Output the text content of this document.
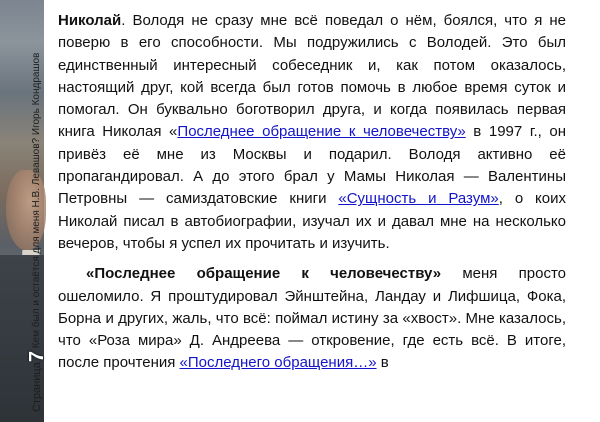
Страница7 Кем был и остаётся для меня Н.В. Левашов? Игорь Кондрашов

Николай. Володя не сразу мне всё поведал о нём, боялся, что я не поверю в его способности. Мы подружились с Володей. Это был единственный интересный собеседник и, как потом оказалось, настоящий друг, кой всегда был готов помочь в любое время суток и помогал. Он буквально боготворил друга, и когда появилась первая книга Николая «Последнее обращение к человечеству» в 1997 г., он привёз её мне из Москвы и подарил. Володя активно её пропагандировал. А до этого брал у Мамы Николая — Валентины Петровны — самиздатовские книги «Сущность и Разум», о коих Николай писал в автобиографии, изучал их и давал мне на несколько вечеров, чтобы я успел их прочитать и изучить.

«Последнее обращение к человечеству» меня просто ошеломило. Я проштудировал Эйнштейна, Ландау и Лифшица, Фока, Борна и других, жаль, что всё: поймал истину за «хвост». Мне казалось, что «Роза мира» Д. Андреева — откровение, где есть всё. В итоге, после прочтения «Последнего обращения…» в
